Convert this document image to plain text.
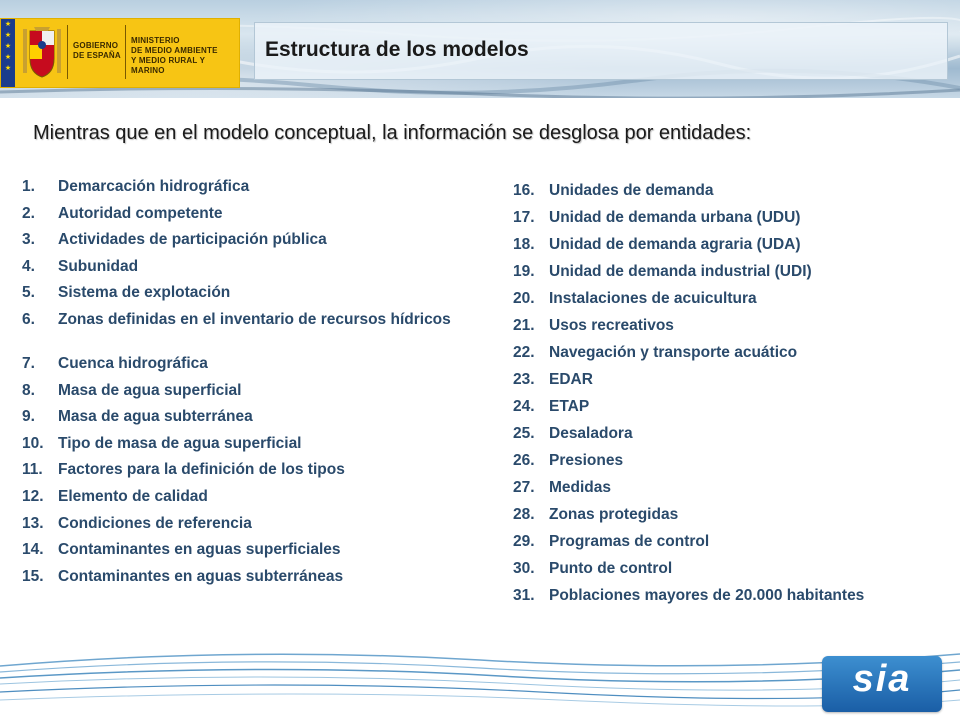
★
★
★
★
★
GOBIERNO
DE ESPAÑA
MINISTERIO
DE MEDIO AMBIENTE
Y MEDIO RURAL Y MARINO
Estructura de los modelos
Mientras que en el modelo conceptual, la información se desglosa por entidades:
1. Demarcación hidrográfica
2. Autoridad competente
3. Actividades de participación pública
4. Subunidad
5. Sistema de explotación
6. Zonas definidas en el inventario de recursos hídricos
7. Cuenca hidrográfica
8. Masa de agua superficial
9. Masa de agua subterránea
10. Tipo de masa de agua superficial
11. Factores para la definición de los tipos
12. Elemento de calidad
13. Condiciones de referencia
14. Contaminantes en aguas superficiales
15. Contaminantes en aguas subterráneas
16. Unidades de demanda
17. Unidad de demanda urbana (UDU)
18. Unidad de demanda agraria (UDA)
19. Unidad de demanda industrial (UDI)
20. Instalaciones de acuicultura
21. Usos recreativos
22. Navegación y transporte acuático
23. EDAR
24. ETAP
25. Desaladora
26. Presiones
27. Medidas
28. Zonas protegidas
29. Programas de control
30. Punto de control
31. Poblaciones mayores de 20.000 habitantes
sia
